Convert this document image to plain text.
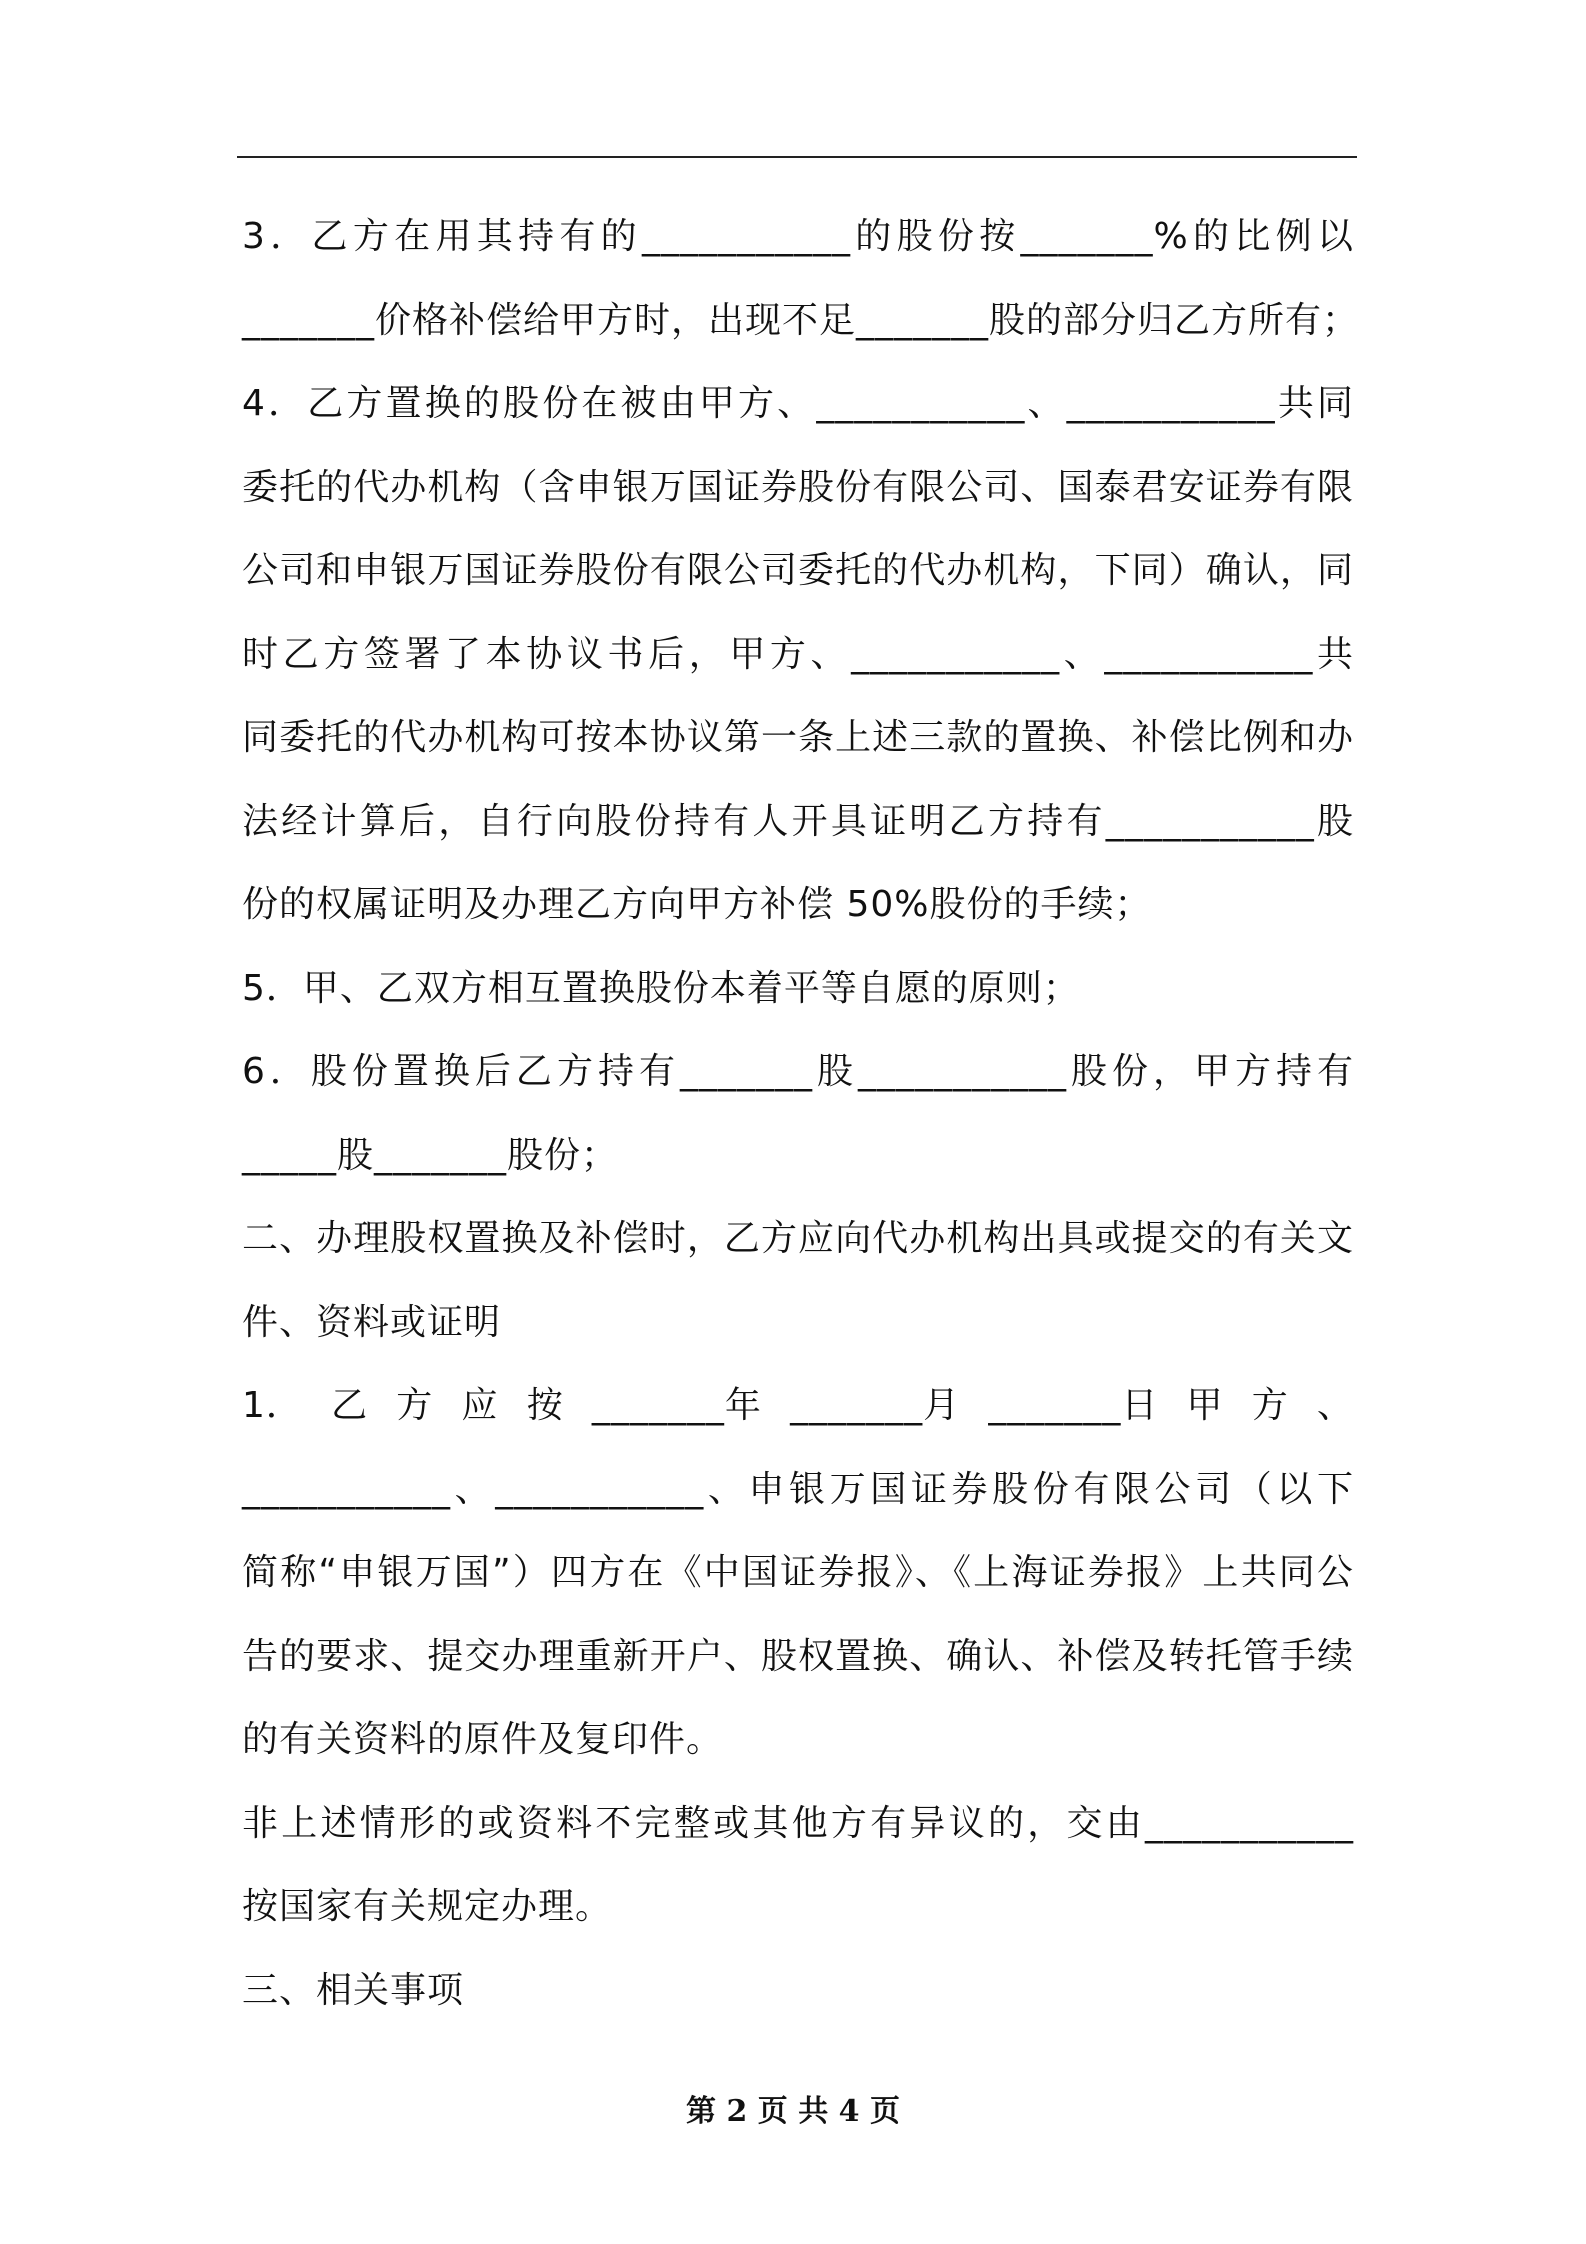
3．乙方在用其持有的___________的股份按_______%的比例以
_______价格补偿给甲方时，出现不足_______股的部分归乙方所有；
4．乙方置换的股份在被由甲方、___________、___________共同
委托的代办机构（含申银万国证券股份有限公司、国泰君安证券有限
公司和申银万国证券股份有限公司委托的代办机构，下同）确认，同
时乙方签署了本协议书后，甲方、___________、___________共
同委托的代办机构可按本协议第一条上述三款的置换、补偿比例和办
法经计算后，自行向股份持有人开具证明乙方持有___________股
份的权属证明及办理乙方向甲方补偿 50%股份的手续；
5．甲、乙双方相互置换股份本着平等自愿的原则；
6．股份置换后乙方持有_______股___________股份，甲方持有
_____股_______股份；
二、办理股权置换及补偿时，乙方应向代办机构出具或提交的有关文
件、资料或证明
1． 乙 方 应 按 _______年 _______月 _______日 甲 方 、
___________、___________、申银万国证券股份有限公司（以下
简称“申银万国”）四方在《中国证券报》、《上海证券报》上共同公
告的要求、提交办理重新开户、股权置换、确认、补偿及转托管手续
的有关资料的原件及复印件。
非上述情形的或资料不完整或其他方有异议的，交由___________
按国家有关规定办理。
三、相关事项
第 2 页 共 4 页
